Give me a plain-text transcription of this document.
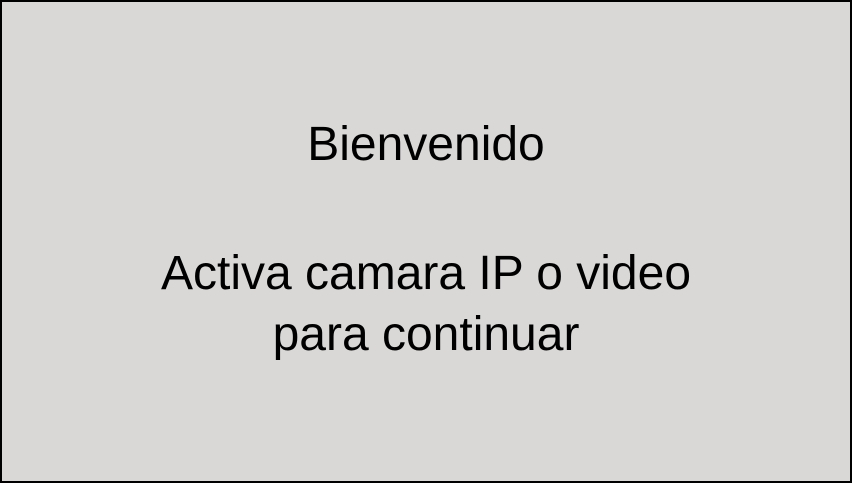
Bienvenido
Activa camara IP o video
para continuar
